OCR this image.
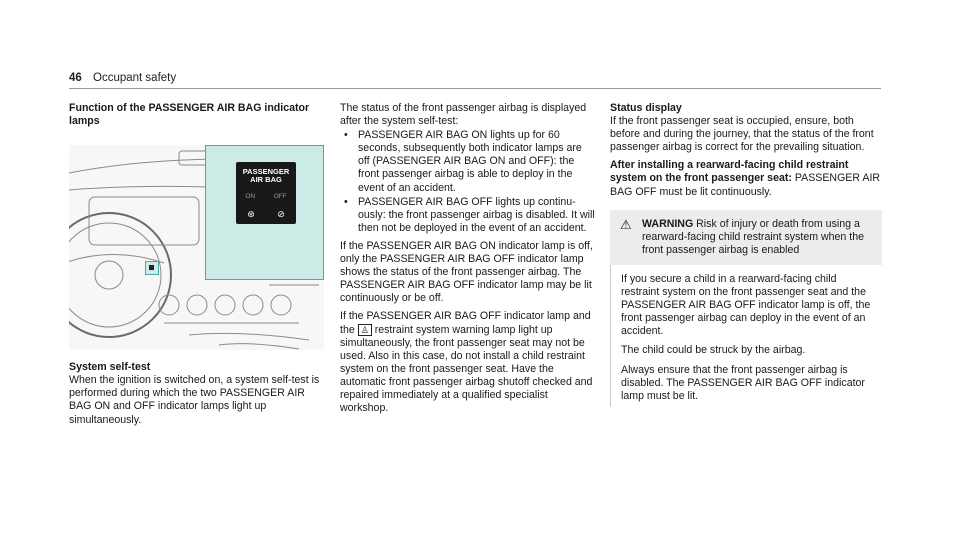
46 Occupant safety

Function of the PASSENGER AIR BAG indicator lamps

PASSENGER
AIR BAG
ON	OFF
⊛ ⊘

System self-test

When the ignition is switched on, a system self-test is performed during which the two PASSENGER AIR BAG ON and OFF indicator lamps light up simultaneously.

The status of the front passenger airbag is displayed after the system self-test:

• PASSENGER AIR BAG ON lights up for 60 seconds, subsequently both indicator lamps are off (PASSENGER AIR BAG ON and OFF): the front passenger airbag is able to deploy in the event of an accident.
• PASSENGER AIR BAG OFF lights up continuously: the front passenger airbag is disabled. It will then not be deployed in the event of an accident.

If the PASSENGER AIR BAG ON indicator lamp is off, only the PASSENGER AIR BAG OFF indicator lamp shows the status of the front passenger airbag. The PASSENGER AIR BAG OFF indicator lamp may be lit continuously or be off.

If the PASSENGER AIR BAG OFF indicator lamp and the ♙ restraint system warning lamp light up simultaneously, the front passenger seat may not be used. Also in this case, do not install a child restraint system on the front passenger seat. Have the automatic front passenger airbag shutoff checked and repaired immediately at a qualified specialist workshop.

Status display

If the front passenger seat is occupied, ensure, both before and during the journey, that the status of the front passenger airbag is correct for the prevailing situation.

After installing a rearward-facing child restraint system on the front passenger seat: PASSENGER AIR BAG OFF must be lit continuously.

⚠ WARNING Risk of injury or death from using a rearward-facing child restraint system when the front passenger airbag is enabled

If you secure a child in a rearward-facing child restraint system on the front passenger seat and the PASSENGER AIR BAG OFF indicator lamp is off, the front passenger airbag can deploy in the event of an accident.

The child could be struck by the airbag.

Always ensure that the front passenger airbag is disabled. The PASSENGER AIR BAG OFF indicator lamp must be lit.
